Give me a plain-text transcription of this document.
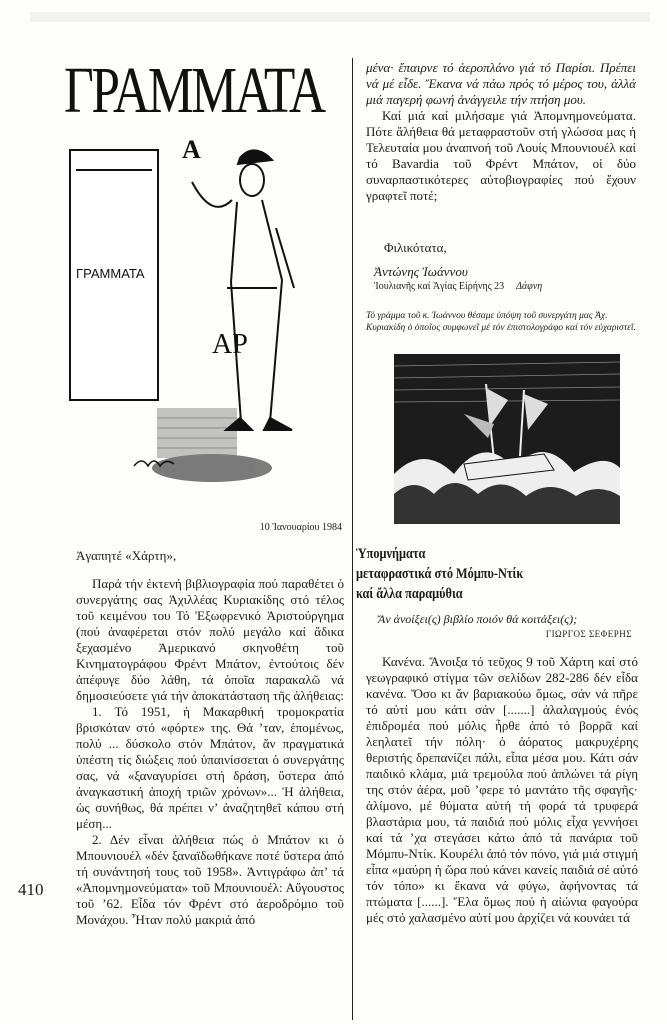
ΓΡΑΜΜΑΤΑ
ΓΡΑΜΜΑΤΑ
Α
ΑΡ
10 Ἰανουαρίου 1984

Ἀγαπητέ «Χάρτη»,

Παρά τήν ἐκτενή βιβλιογραφία πού παραθέτει ὁ συνεργάτης σας Ἀχιλλέας Κυριακίδης στό τέλος τοῦ κειμένου του Τό Ἐξωφρενικό Ἀριστούργημα (πού ἀναφέρεται στόν πολύ μεγάλο καί ἄδικα ξεχασμένο Ἀμερικανό σκηνοθέτη τοῦ Κινηματογράφου Φρέντ Μπάτον, ἐντούτοις δέν ἀπέφυγε δύο λάθη, τά ὁποῖα παρακαλῶ νά δημοσιεύσετε γιά τήν ἀποκατάσταση τῆς ἀλήθειας:

1. Τό 1951, ἡ Μακαρθική τρομοκρατία βρισκόταν στό «φόρτε» της. Θά ’ταν, ἑπομένως, πολύ ... δύσκολο στόν Μπάτον, ἄν πραγματικά ὑπέστη τίς διώξεις πού ὑπαινίσσεται ὁ συνεργάτης σας, νά «ξαναγυρίσει στή δράση, ὕστερα ἀπό ἀναγκαστική ἀποχή τριῶν χρόνων»... Ἡ ἀλήθεια, ὡς συνήθως, θά πρέπει ν’ ἀναζητηθεῖ κάπου στή μέση...

2. Δέν εἶναι ἀλήθεια πώς ὁ Μπάτον κι ὁ Μπουνιουέλ «δέν ξαναϊδωθήκανε ποτέ ὕστερα ἀπό τή συνάντησή τους τοῦ 1958». Ἀντιγράφω ἀπ’ τά «Ἀπομνημονεύματα» τοῦ Μπουνιουέλ: Αὔγουστος τοῦ ’62. Εἶδα τόν Φρέντ στό ἀεροδρόμιο τοῦ Μονάχου. Ἦταν πολύ μακριά ἀπό

410

μένα· ἔπαιρνε τό ἀεροπλάνο γιά τό Παρίσι. Πρέπει νά μέ εἶδε. Ἔκανα νά πάω πρός τό μέρος του, ἀλλά μιά παγερή φωνή ἀνάγγειλε τήν πτήση μου.

Καί μιά καί μιλήσαμε γιά Ἀπομνημονεύματα. Πότε ἄλήθεια θά μεταφραστοῦν στή γλώσσα μας ἡ Τελευταία μου ἀναπνοή τοῦ Λουίς Μπουνιουέλ καί τό Bavardia τοῦ Φρέντ Μπάτον, οἱ δύο συναρπαστικότερες αὐτοβιογραφίες πού ἔχουν γραφτεῖ ποτέ;

Φιλικότατα,
Ἀντώνης Ἰωάννου
Ἰουλιανῆς καί Ἁγίας Εἰρήνης 23 Δάφνη
Τό γράμμα τοῦ κ. Ἰωάννου θέσαμε ὑπόψη τοῦ συνεργάτη μας Ἀχ. Κυριακίδη ὁ ὁποῖος συμφωνεῖ μέ τόν ἐπιστολογράφο καί τόν εὐχαριστεῖ.
Ὑπομνήματα
μεταφραστικά στό Μόμπυ-Ντίκ
καί ἄλλα παραμύθια
Ἄν ἀνοίξει(ς) βιβλίο ποιόν θά κοιτάξει(ς);
ΓΙΩΡΓΟΣ ΣΕΦΕΡΗΣ

Κανένα. Ἄνοιξα τό τεῦχος 9 τοῦ Χάρτη καί στό γεωγραφικό στίγμα τῶν σελίδων 282-286 δέν εἶδα κανένα. Ὅσο κι ἄν βαριακούω ὅμως, σάν νά πῆρε τό αὐτί μου κάτι σάν [.......] ἀλαλαγμούς ἑνός ἐπιδρομέα πού μόλις ἦρθε ἀπό τό βορρᾶ καί λεηλατεῖ τήν πόλη· ὁ ἀόρατος μακρυχέρης θεριστής δρεπανίζει πάλι, εἶπα μέσα μου. Κάτι σάν παιδικό κλάμα, μιά τρεμούλα πού ἁπλώνει τά ρίγη της στόν ἀέρα, μοῦ ’φερε τό μαντάτο τῆς σφαγῆς· ἀλίμονο, μέ θύματα αὐτή τή φορά τά τρυφερά βλαστάρια μου, τά παιδιά πού μόλις εἶχα γεννήσει καί τά ’χα στεγάσει κάτω ἀπό τά πανάρια τοῦ Μόμπυ-Ντίκ. Κουρέλι ἀπό τόν πόνο, γιά μιά στιγμή εἶπα «μαύρη ἡ ὥρα πού κάνει κανείς παιδιά σέ αὐτό τόν τόπο» κι ἔκανα νά φύγω, ἀφήνοντας τά πτώματα [......]. Ἔλα ὅμως πού ἡ αἰώνια φαγούρα μές στό χαλασμένο αὐτί μου ἀρχίζει νά κουνάει τά
